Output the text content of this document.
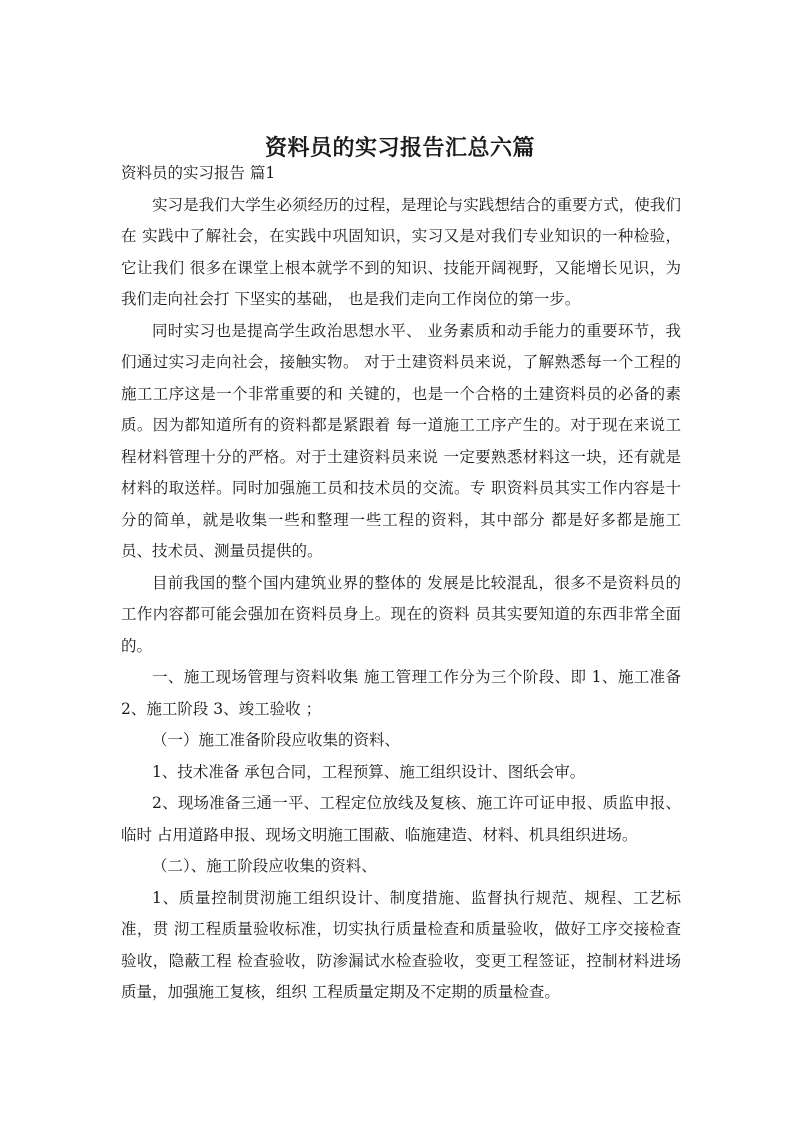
资料员的实习报告汇总六篇

资料员的实习报告 篇1

实习是我们大学生必须经历的过程，是理论与实践想结合的重要方式，使我们在 实践中了解社会，在实践中巩固知识，实习又是对我们专业知识的一种检验，它让我们 很多在课堂上根本就学不到的知识、技能开阔视野，又能增长见识，为我们走向社会打 下坚实的基础， 也是我们走向工作岗位的第一步。

同时实习也是提高学生政治思想水平、 业务素质和动手能力的重要环节，我们通过实习走向社会，接触实物。 对于土建资料员来说，了解熟悉每一个工程的施工工序这是一个非常重要的和 关键的，也是一个合格的土建资料员的必备的素质。因为都知道所有的资料都是紧跟着 每一道施工工序产生的。对于现在来说工程材料管理十分的严格。对于土建资料员来说 一定要熟悉材料这一块，还有就是材料的取送样。同时加强施工员和技术员的交流。专 职资料员其实工作内容是十分的简单，就是收集一些和整理一些工程的资料，其中部分 都是好多都是施工员、技术员、测量员提供的。

目前我国的整个国内建筑业界的整体的 发展是比较混乱，很多不是资料员的工作内容都可能会强加在资料员身上。现在的资料 员其实要知道的东西非常全面的。

一、施工现场管理与资料收集 施工管理工作分为三个阶段、即 1、施工准备 2、施工阶段 3、竣工验收 ；

（一）施工准备阶段应收集的资料、

1、技术准备 承包合同，工程预算、施工组织设计、图纸会审。

2、现场准备三通一平、工程定位放线及复核、施工许可证申报、质监申报、临时 占用道路申报、现场文明施工围蔽、临施建造、材料、机具组织进场。

（二）、施工阶段应收集的资料、

1、质量控制贯沏施工组织设计、制度措施、监督执行规范、规程、工艺标准，贯 沏工程质量验收标准，切实执行质量检查和质量验收，做好工序交接检查验收，隐蔽工程 检查验收，防渗漏试水检查验收，变更工程签证，控制材料进场质量，加强施工复核，组织 工程质量定期及不定期的质量检查。
